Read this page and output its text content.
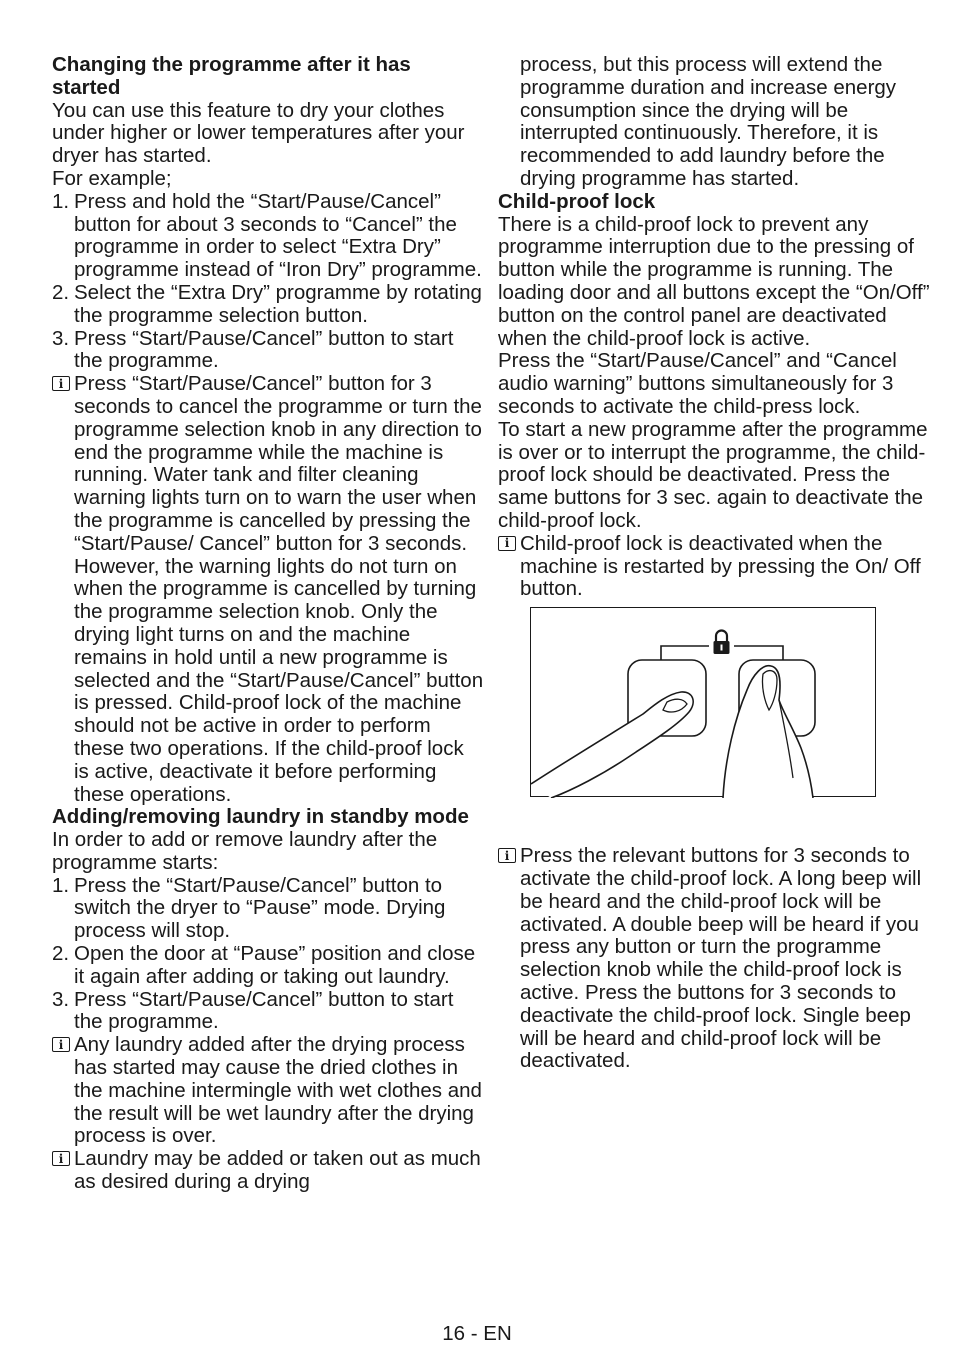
Changing the programme after it has started

You can use this feature to dry your clothes under higher or lower temperatures after your dryer has started.

For example;

1. Press and hold the “Start/Pause/Cancel” button for about 3 seconds to “Cancel” the programme in order to select “Extra Dry” programme instead of “Iron Dry” programme.
2. Select the “Extra Dry” programme by rotating the programme selection button.
3. Press “Start/Pause/Cancel” button to start the programme.
i Press “Start/Pause/Cancel” button for 3 seconds to cancel the programme or turn the programme selection knob in any direction to end the programme while the machine is running. Water tank and filter cleaning warning lights turn on to warn the user when the programme is cancelled by pressing the “Start/Pause/ Cancel” button for 3 seconds. However, the warning lights do not turn on when the programme is cancelled by turning the programme selection knob. Only the drying light turns on and the machine remains in hold until a new programme is selected and the “Start/Pause/Cancel” button is pressed. Child-proof lock of the machine should not be active in order to perform these two operations. If the child-proof lock is active, deactivate it before performing these operations.
Adding/removing laundry in standby mode

In order to add or remove laundry after the programme starts:

1. Press the “Start/Pause/Cancel” button to switch the dryer to “Pause” mode. Drying process will stop.
2. Open the door at “Pause” position and close it again after adding or taking out laundry.
3. Press “Start/Pause/Cancel” button to start the programme.
i Any laundry added after the drying process has started may cause the dried clothes in the machine intermingle with wet clothes and the result will be wet laundry after the drying process is over.
i Laundry may be added or taken out as much as desired during a drying

process, but this process will extend the programme duration and increase energy consumption since the drying will be interrupted continuously. Therefore, it is recommended to add laundry before the drying programme has started.

Child-proof lock

There is a child-proof lock to prevent any programme interruption due to the pressing of button while the programme is running. The loading door and all buttons except the “On/Off” button on the control panel are deactivated when the child-proof lock is active.

Press the “Start/Pause/Cancel” and “Cancel audio warning” buttons simultaneously for 3 seconds to activate the child-press lock.

To start a new programme after the programme is over or to interrupt the programme, the child-proof lock should be deactivated. Press the same buttons for 3 sec. again to deactivate the child-proof lock.

i Child-proof lock is deactivated when the machine is restarted by pressing the On/ Off button.
i Press the relevant buttons for 3 seconds to activate the child-proof lock. A long beep will be heard and the child-proof lock will be activated. A double beep will be heard if you press any button or turn the programme selection knob while the child-proof lock is active. Press the buttons for 3 seconds to deactivate the child-proof lock. Single beep will be heard and child-proof lock will be deactivated.
16 - EN
